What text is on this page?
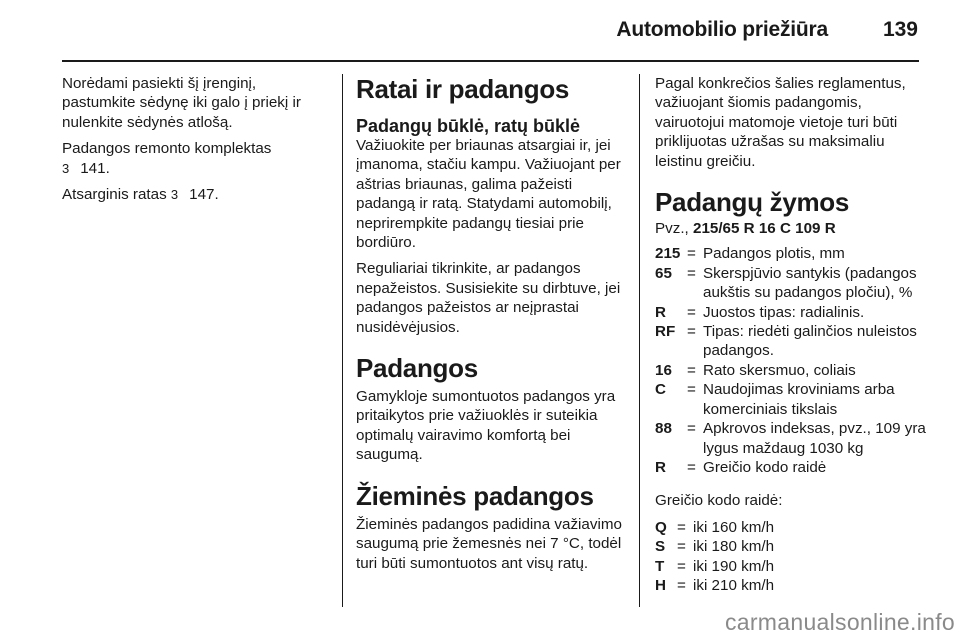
Automobilio priežiūra	139

Norėdami pasiekti šį įrenginį, pastumkite sėdynę iki galo į priekį ir nulenkite sėdynės atlošą.

Padangos remonto komplektas
3 141.

Atsarginis ratas 3 147.

Ratai ir padangos
Padangų būklė, ratų būklė

Važiuokite per briaunas atsargiai ir, jei įmanoma, stačiu kampu. Važiuojant per aštrias briaunas, galima pažeisti padangą ir ratą. Statydami automobilį, neprirempkite padangų tiesiai prie bordiūro.

Reguliariai tikrinkite, ar padangos nepažeistos. Susisiekite su dirbtuve, jei padangos pažeistos ar neįprastai nusidėvėjusios.

Padangos

Gamykloje sumontuotos padangos yra pritaikytos prie važiuoklės ir suteikia optimalų vairavimo komfortą bei saugumą.

Žieminės padangos

Žieminės padangos padidina važiavimo saugumą prie žemesnės nei 7 °C, todėl turi būti sumontuotos ant visų ratų.

Pagal konkrečios šalies reglamentus, važiuojant šiomis padangomis, vairuotojui matomoje vietoje turi būti priklijuotas užrašas su maksimaliu leistinu greičiu.

Padangų žymos
Pvz., 215/65 R 16 C 109 R
215 = Padangos plotis, mm
65 = Skerspjūvio santykis (padangos aukštis su padangos pločiu), %
R	= Juostos tipas: radialinis.
RF = Tipas: riedėti galinčios nuleistos padangos.
16 = Rato skersmuo, coliais
C	= Naudojimas kroviniams arba komerciniais tikslais
88 = Apkrovos indeksas, pvz., 109 yra lygus maždaug 1030 kg
R	= Greičio kodo raidė

Greičio kodo raidė:

Q = iki 160 km/h
S = iki 180 km/h
T = iki 190 km/h
H = iki 210 km/h
carmanualsonline.info
